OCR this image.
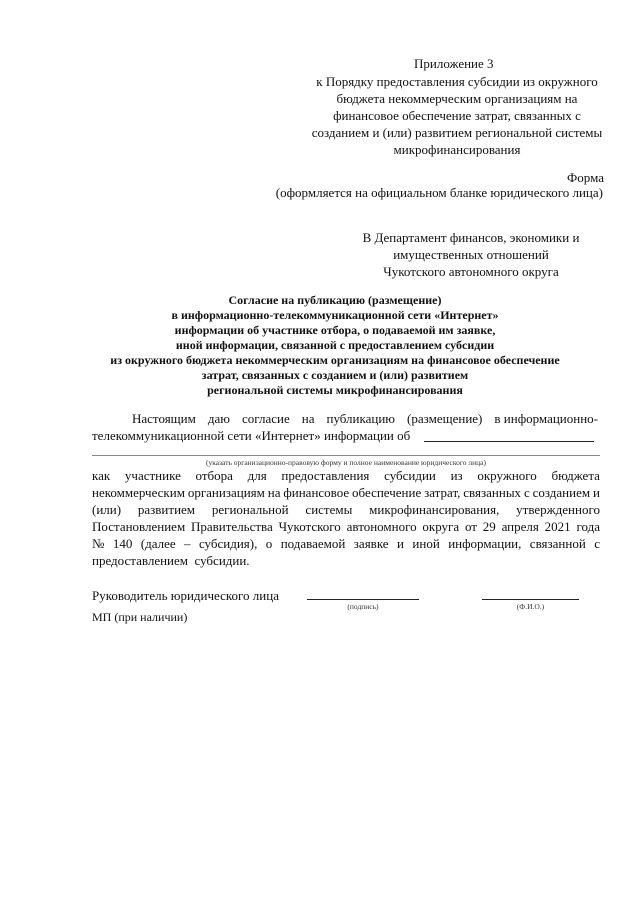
Приложение 3
к Порядку предоставления субсидии из окружного
бюджета некоммерческим организациям на
финансовое обеспечение затрат, связанных с
созданием и (или) развитием региональной системы
микрофинансирования
Форма
(оформляется на официальном бланке юридического лица)
В Департамент финансов, экономики и
имущественных отношений
Чукотского автономного округа
Согласие на публикацию (размещение)
в информационно-телекоммуникационной сети «Интернет»
информации об участнике отбора, о подаваемой им заявке,
иной информации, связанной с предоставлением субсидии
из окружного бюджета некоммерческим организациям на финансовое обеспечение
затрат, связанных с созданием и (или) развитием
региональной системы микрофинансирования
Настоящим даю согласие на публикацию (размещение) в информационно-
телекоммуникационной сети «Интернет» информации об
(указать организационно-правовую форму и полное наименование юридического лица)
как участнике отбора для предоставления субсидии из окружного бюджета
некоммерческим организациям на финансовое обеспечение затрат, связанных с созданием и
(или) развитием региональной системы микрофинансирования, утвержденного
Постановлением Правительства Чукотского автономного округа от 29 апреля 2021 года
№ 140 (далее – субсидия), о подаваемой заявке и иной информации, связанной с
предоставлением  субсидии.
Руководитель юридического лица
(подпись)	(Ф.И.О.)
МП (при наличии)
